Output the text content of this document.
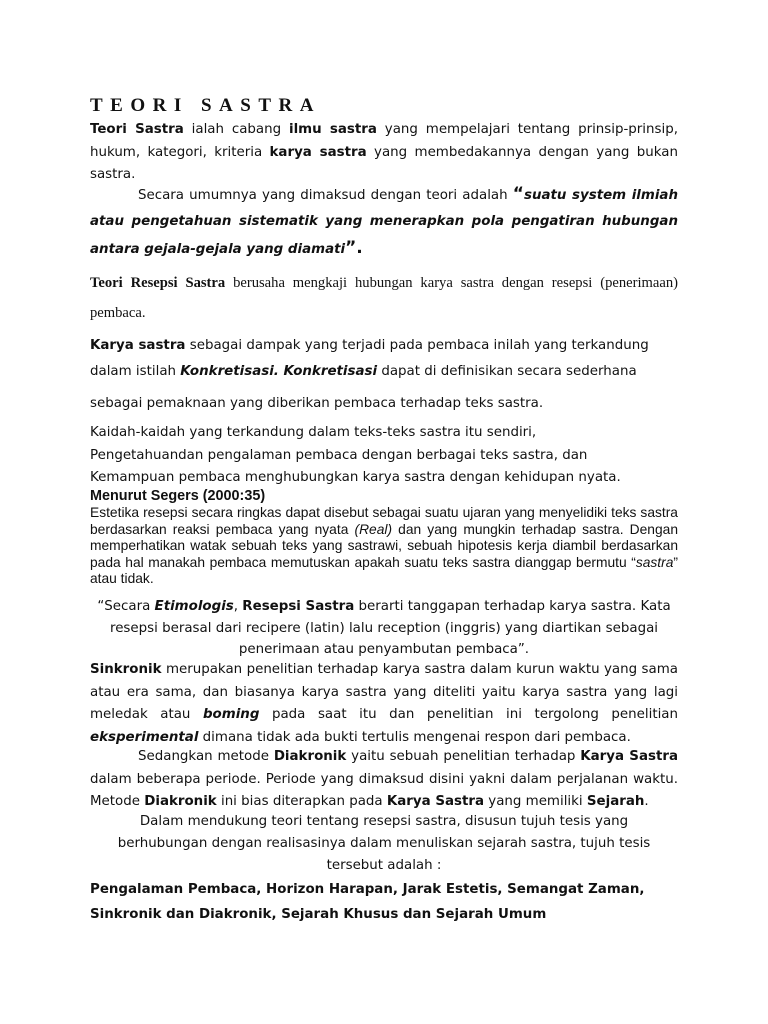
TEORI SASTRA

Teori Sastra ialah cabang ilmu sastra yang mempelajari tentang prinsip-prinsip, hukum, kategori, kriteria karya sastra yang membedakannya dengan yang bukan sastra.

Secara umumnya yang dimaksud dengan teori adalah “suatu system ilmiah atau pengetahuan sistematik yang menerapkan pola pengatiran hubungan antara gejala-gejala yang diamati”.

Teori Resepsi Sastra berusaha mengkaji hubungan karya sastra dengan resepsi (penerimaan) pembaca.

Karya sastra sebagai dampak yang terjadi pada pembaca inilah yang terkandung
dalam istilah Konkretisasi. Konkretisasi dapat di definisikan secara sederhana
sebagai pemaknaan yang diberikan pembaca terhadap teks sastra.
Kaidah-kaidah yang terkandung dalam teks-teks sastra itu sendiri,
Pengetahuandan pengalaman pembaca dengan berbagai teks sastra, dan
Kemampuan pembaca menghubungkan karya sastra dengan kehidupan nyata.
Menurut Segers (2000:35)

Estetika resepsi secara ringkas dapat disebut sebagai suatu ujaran yang menyelidiki teks sastra berdasarkan reaksi pembaca yang nyata (Real) dan yang mungkin terhadap sastra. Dengan memperhatikan watak sebuah teks yang sastrawi, sebuah hipotesis kerja diambil berdasarkan pada hal manakah pembaca memutuskan apakah suatu teks sastra dianggap bermutu “sastra” atau tidak.

“Secara Etimologis, Resepsi Sastra berarti tanggapan terhadap karya sastra. Kata
resepsi berasal dari recipere (latin) lalu reception (inggris) yang diartikan sebagai
penerimaan atau penyambutan pembaca”.

Sinkronik merupakan penelitian terhadap karya sastra dalam kurun waktu yang sama atau era sama, dan biasanya karya sastra yang diteliti yaitu karya sastra yang lagi meledak atau boming pada saat itu dan penelitian ini tergolong penelitian eksperimental dimana tidak ada bukti tertulis mengenai respon dari pembaca.

Sedangkan metode Diakronik yaitu sebuah penelitian terhadap Karya Sastra dalam beberapa periode. Periode yang dimaksud disini yakni dalam perjalanan waktu. Metode Diakronik ini bias diterapkan pada Karya Sastra yang memiliki Sejarah.

Dalam mendukung teori tentang resepsi sastra, disusun tujuh tesis yang
berhubungan dengan realisasinya dalam menuliskan sejarah sastra, tujuh tesis
tersebut adalah :
Pengalaman Pembaca, Horizon Harapan, Jarak Estetis, Semangat Zaman,
Sinkronik dan Diakronik, Sejarah Khusus dan Sejarah Umum
